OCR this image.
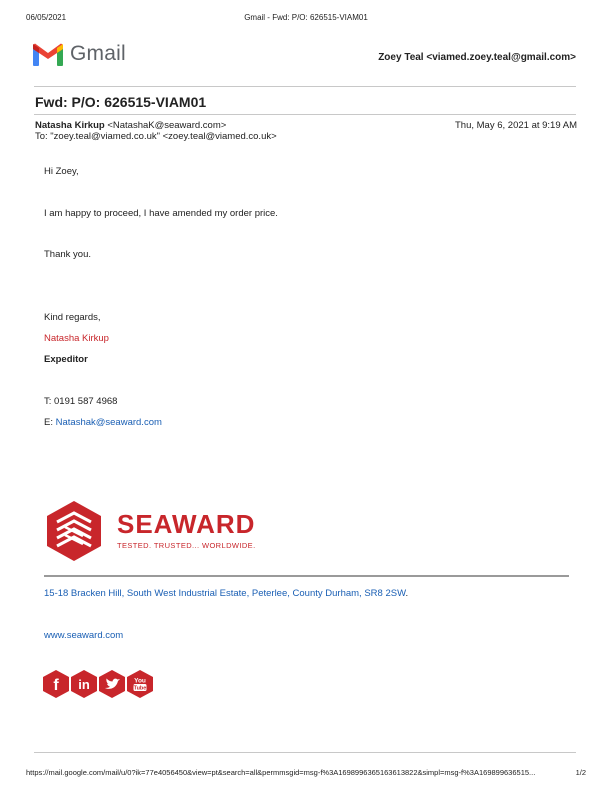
06/05/2021	Gmail - Fwd: P/O: 626515-VIAM01
Gmail	Zoey Teal <viamed.zoey.teal@gmail.com>
Fwd: P/O: 626515-VIAM01
Natasha Kirkup <NatashaK@seaward.com>	Thu, May 6, 2021 at 9:19 AM
To: "zoey.teal@viamed.co.uk" <zoey.teal@viamed.co.uk>
Hi Zoey,
I am happy to proceed, I have amended my order price.
Thank you.
Kind regards,
Natasha Kirkup
Expeditor
T: 0191 587 4968
E: Natashak@seaward.com
SEAWARD
TESTED. TRUSTED... WORLDWIDE.
15-18 Bracken Hill, South West Industrial Estate, Peterlee, County Durham, SR8 2SW.
www.seaward.com
f in	You
Tube
https://mail.google.com/mail/u/0?ik=77e4056450&view=pt&search=all&permmsgid=msg-f%3A1698996365163613822&simpl=msg-f%3A169899636515...	1/2
